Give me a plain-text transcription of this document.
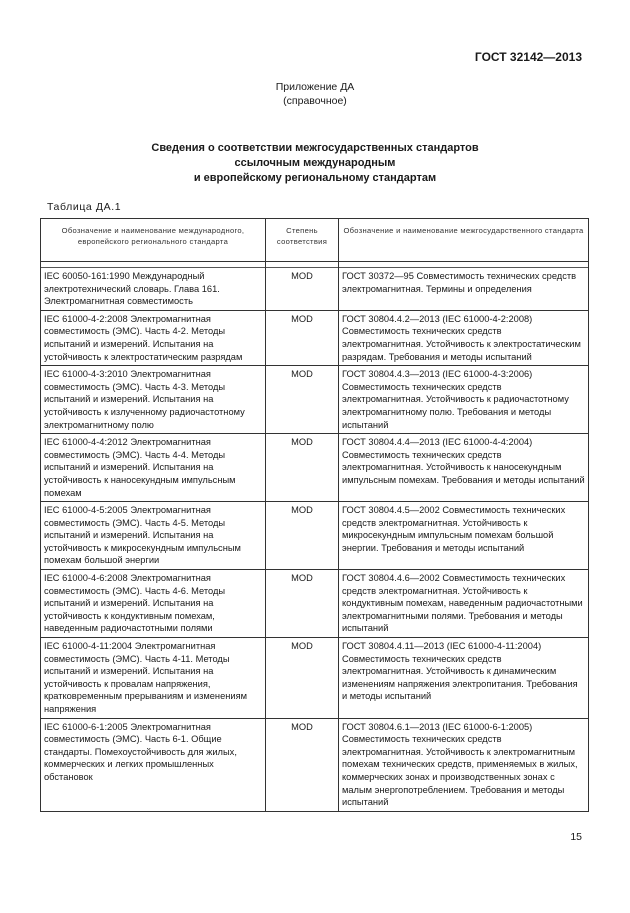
ГОСТ 32142—2013
Приложение ДА
(справочное)
Сведения о соответствии межгосударственных стандартов
ссылочным международным
и европейскому региональному стандартам
Таблица ДА.1
Обозначение и наименование международного, европейского регионального стандарта	Степень соответствия	Обозначение и наименование межгосударственного стандарта

IEC 60050-161:1990 Международный электротехнический словарь. Глава 161. Электромагнитная совместимость	MOD	ГОСТ 30372—95 Совместимость технических средств электромагнитная. Термины и определения
IEC 61000-4-2:2008 Электромагнитная совместимость (ЭМС). Часть 4-2. Методы испытаний и измерений. Испытания на устойчивость к электростатическим разрядам	MOD	ГОСТ 30804.4.2—2013 (IEC 61000-4-2:2008) Совместимость технических средств электромагнитная. Устойчивость к электростатическим разрядам. Требования и методы испытаний
IEC 61000-4-3:2010 Электромагнитная совместимость (ЭМС). Часть 4-3. Методы испытаний и измерений. Испытания на устойчивость к излученному радиочастотному электромагнитному полю	MOD	ГОСТ 30804.4.3—2013 (IEC 61000-4-3:2006) Совместимость технических средств электромагнитная. Устойчивость к радиочастотному электромагнитному полю. Требования и методы испытаний
IEC 61000-4-4:2012 Электромагнитная совместимость (ЭМС). Часть 4-4. Методы испытаний и измерений. Испытания на устойчивость к наносекундным импульсным помехам	MOD	ГОСТ 30804.4.4—2013 (IEC 61000-4-4:2004) Совместимость технических средств электромагнитная. Устойчивость к наносекундным импульсным помехам. Требования и методы испытаний
IEC 61000-4-5:2005 Электромагнитная совместимость (ЭМС). Часть 4-5. Методы испытаний и измерений. Испытания на устойчивость к микросекундным импульсным помехам большой энергии	MOD	ГОСТ 30804.4.5—2002 Совместимость технических средств электромагнитная. Устойчивость к микросекундным импульсным помехам большой энергии. Требования и методы испытаний
IEC 61000-4-6:2008 Электромагнитная совместимость (ЭМС). Часть 4-6. Методы испытаний и измерений. Испытания на устойчивость к кондуктивным помехам, наведенным радиочастотными полями	MOD	ГОСТ 30804.4.6—2002 Совместимость технических средств электромагнитная. Устойчивость к кондуктивным помехам, наведенным радиочастотными электромагнитными полями. Требования и методы испытаний
IEC 61000-4-11:2004 Электромагнитная совместимость (ЭМС). Часть 4-11. Методы испытаний и измерений. Испытания на устойчивость к провалам напряжения, кратковременным прерываниям и изменениям напряжения	MOD	ГОСТ 30804.4.11—2013 (IEC 61000-4-11:2004) Совместимость технических средств электромагнитная. Устойчивость к динамическим изменениям напряжения электропитания. Требования и методы испытаний
IEC 61000-6-1:2005 Электромагнитная совместимость (ЭМС). Часть 6-1. Общие стандарты. Помехоустойчивость для жилых, коммерческих и легких промышленных обстановок	MOD	ГОСТ 30804.6.1—2013 (IEC 61000-6-1:2005) Совместимость технических средств электромагнитная. Устойчивость к электромагнитным помехам технических средств, применяемых в жилых, коммерческих зонах и производственных зонах с малым энергопотреблением. Требования и методы испытаний
15
